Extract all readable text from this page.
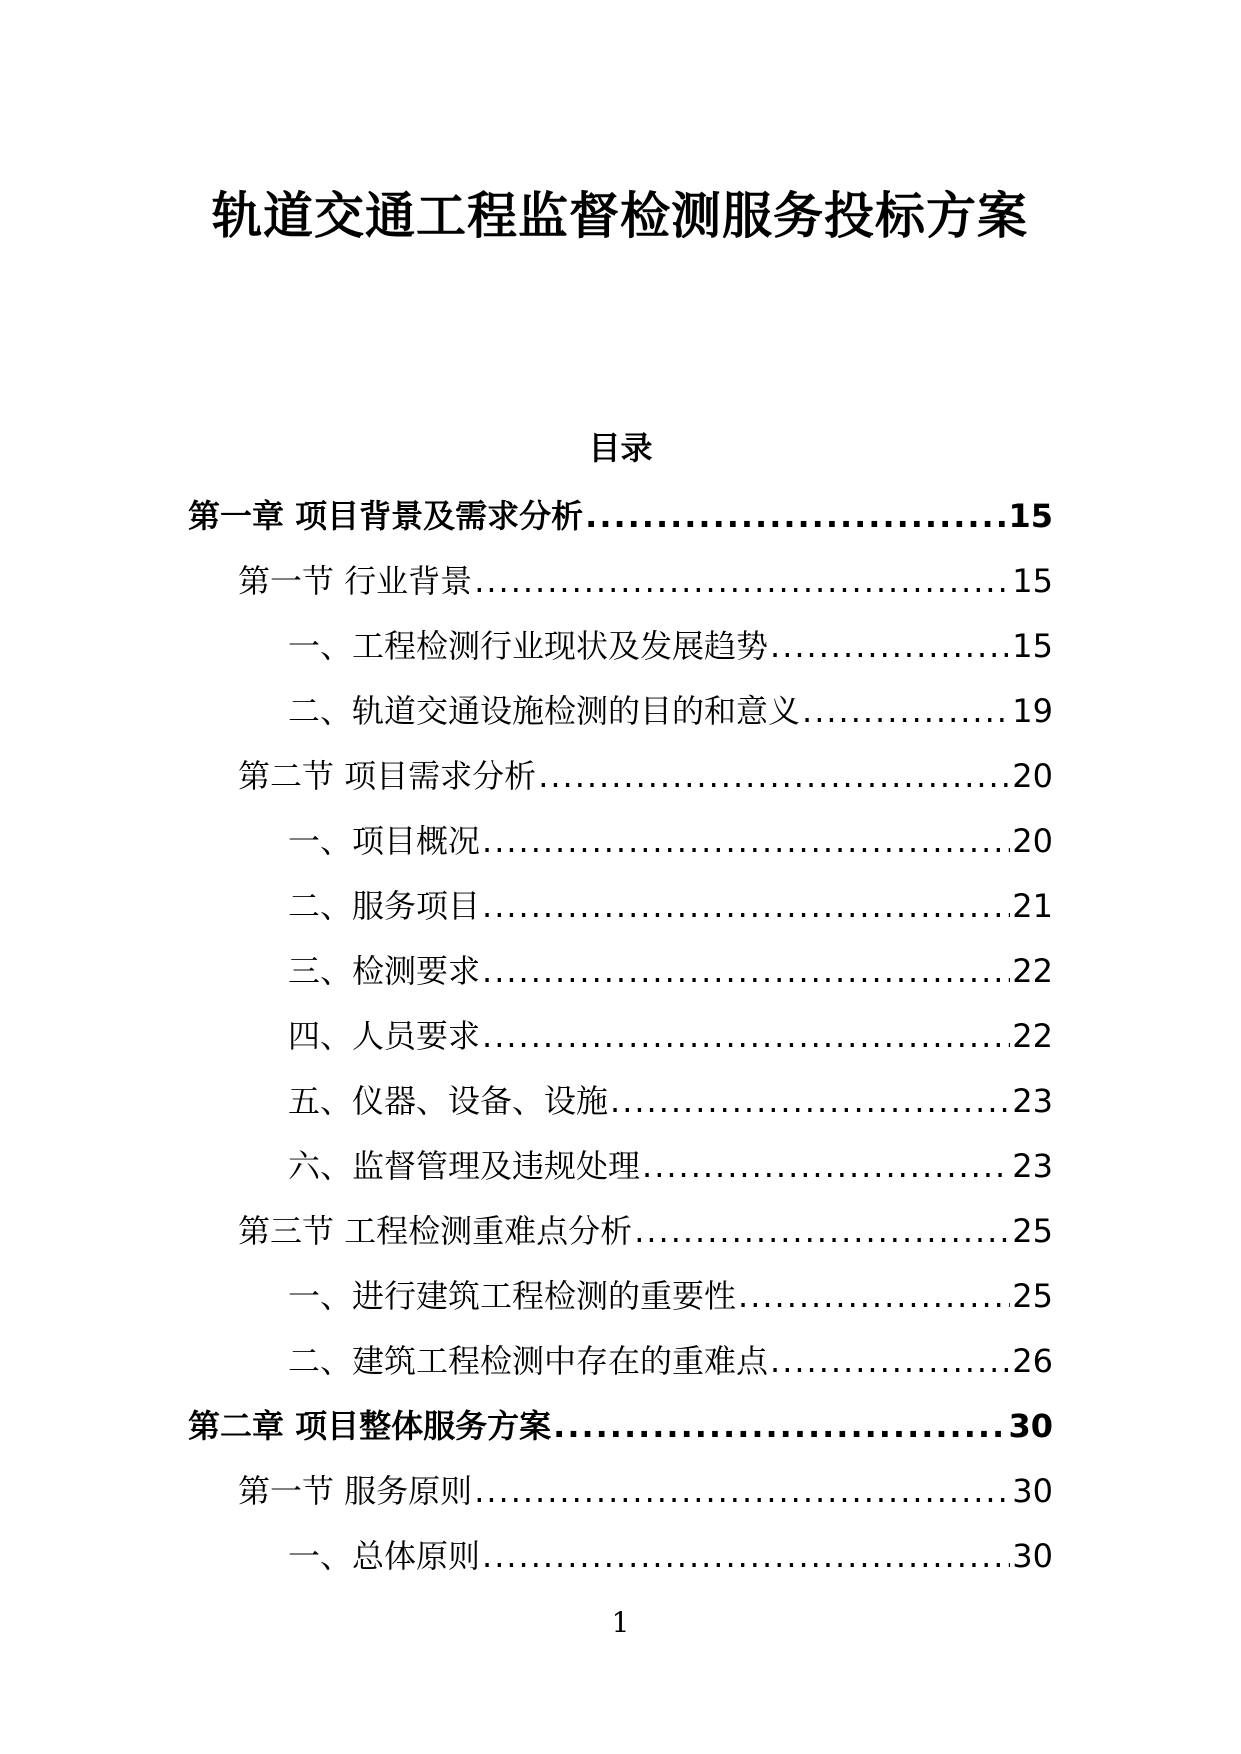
轨道交通工程监督检测服务投标方案
目录
第一章 项目背景及需求分析 .....	15
第一节 行业背景 .....	15
一、工程检测行业现状及发展趋势 .....	15
二、轨道交通设施检测的目的和意义 .....	19
第二节 项目需求分析 .....	20
一、项目概况 .....	20
二、服务项目 .....	21
三、检测要求 .....	22
四、人员要求 .....	22
五、仪器、设备、设施 .....	23
六、监督管理及违规处理 .....	23
第三节 工程检测重难点分析 .....	25
一、进行建筑工程检测的重要性 .....	25
二、建筑工程检测中存在的重难点 .....	26
第二章 项目整体服务方案 .....	30
第一节 服务原则 .....	30
一、总体原则 .....	30
1
